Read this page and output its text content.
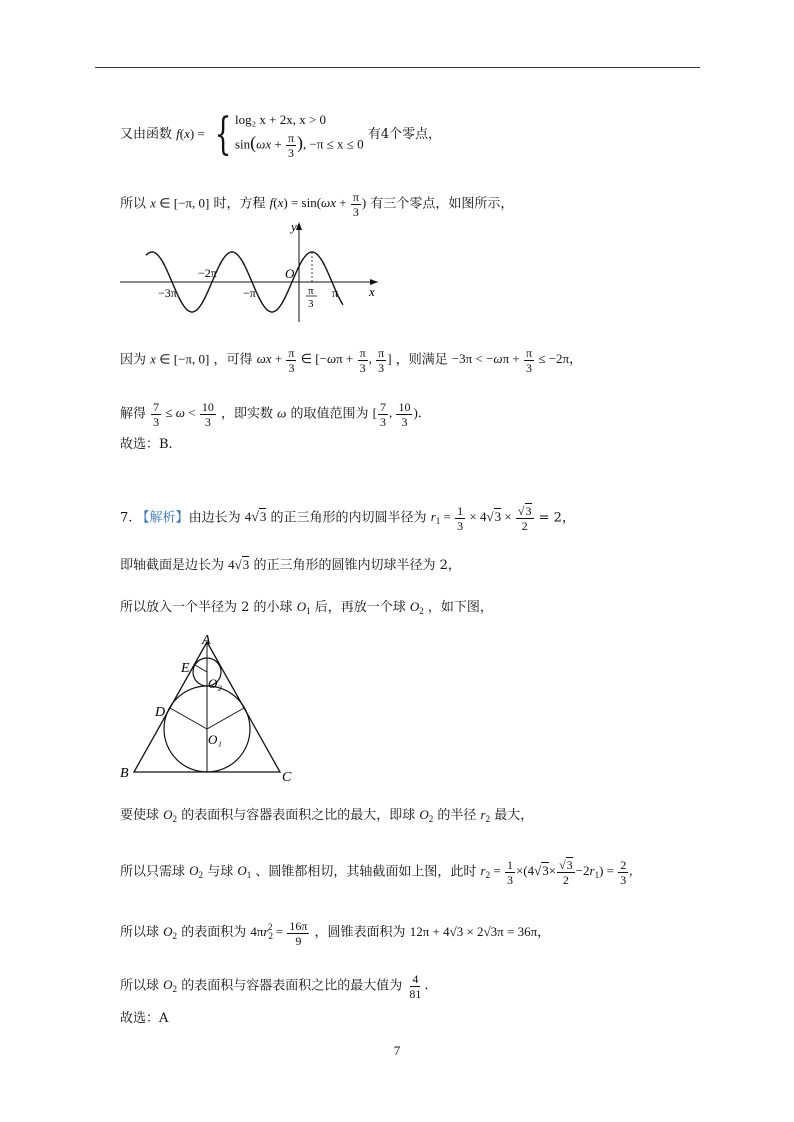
又由函数 f(x) = { log₂ x + 2x, x > 0
$\sin(\omega x + \frac{\pi}{3}$ ), −π ≤ x ≤ 0
有4个零点，
所以 x ∈ [−π, 0] 时，方程 $f(x) = \sin(\omega x + \frac{\pi}{3}$ ) 有三个零点，如图所示，
y
x
O
−3π
−2π
−π	π
π
3
因为 x ∈ [−π, 0] ，可得 $\omega x + \frac{\pi}{3}$ ∈ [$-\omega\pi + \frac{\pi}{3}$ , $\frac{\pi}{3}$ ] ，则满足 $-3\pi < -\omega\pi + \frac{\pi}{3} \le -2\pi$，
解得 $\frac{7}{3} \le \omega < \frac{10}{3}$ ，即实数 ω 的取值范围为 [ $\frac{7}{3}$ , $\frac{10}{3}$ )．
故选：B.
7. 【解析】由边长为 4√3 的正三角形的内切圆半径为 $r_1 = \frac{1}{3} \times 4√3 \times \frac{√3}{2} = 2$，
即轴截面是边长为 4√3 的正三角形的圆锥内切球半径为 2，
所以放入一个半径为 2 的小球 $O_1$ 后，再放一个球 $O_2$ ，如下图，
A
B	C
D
E
O₁
O₂
要使球 $O_2$ 的表面积与容器表面积之比的最大，即球 $O_2$ 的半径 $r_2$ 最大，
所以只需球 $O_2$ 与球 $O_1$ 、圆锥都相切，其轴截面如上图，此时 $r_2 = \frac{1}{3} \times(4√3\times \frac{√3}{2} -2r_1) = \frac{2}{3}$ ,
所以球 $O_2$ 的表面积为 $4\pi r_2^2 = \frac{16\pi}{9}$ ，圆锥表面积为 12π + 4√3 × 2√3π = 36π，
所以球 $O_2$ 的表面积与容器表面积之比的最大值为 $\frac{4}{81}$ ．
故选：A
7
